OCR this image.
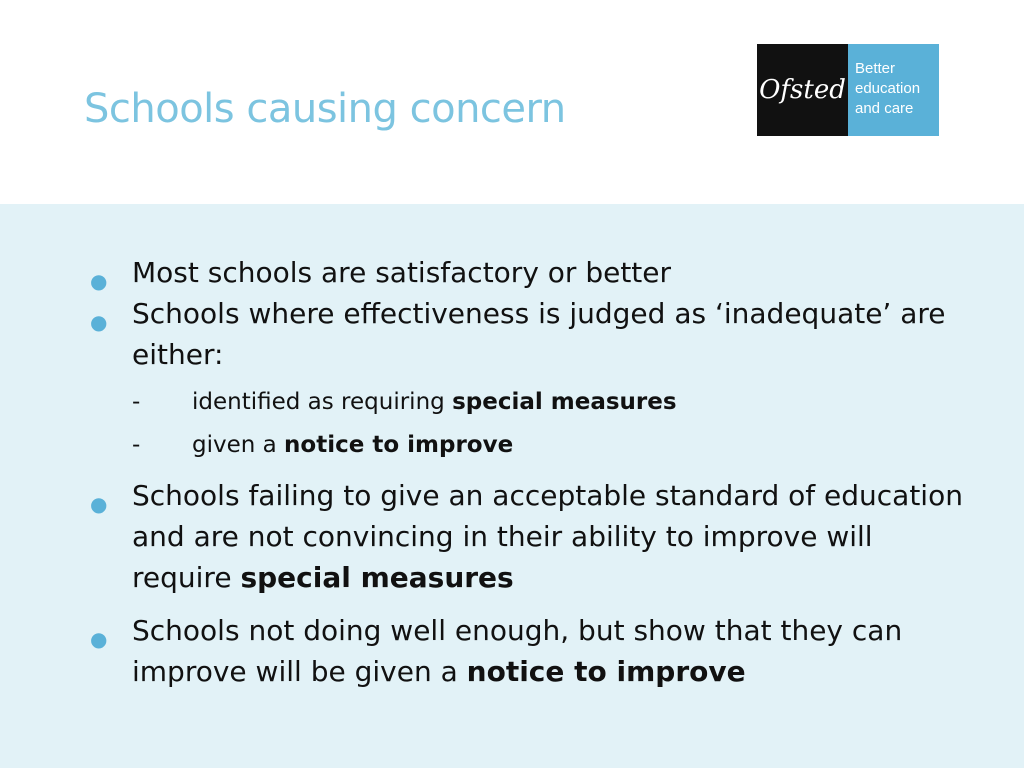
Schools causing concern	Ofsted
Better
education
and care
● Most schools are satisfactory or better
● Schools where effectiveness is judged as ‘inadequate’ are either:
- identified as requiring special measures
- given a notice to improve
● Schools failing to give an acceptable standard of education and are not convincing in their ability to improve will require special measures
● Schools not doing well enough, but show that they can improve will be given a notice to improve
